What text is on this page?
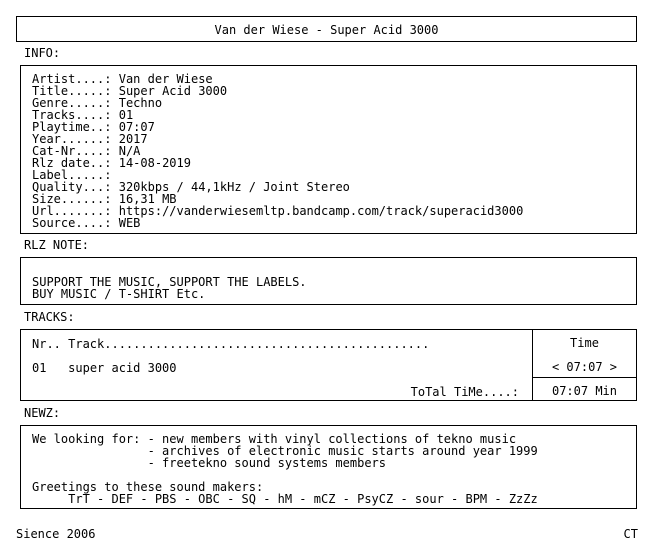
Van der Wiese - Super Acid 3000
INFO:
Artist....: Van der Wiese
Title.....: Super Acid 3000
Genre.....: Techno
Tracks....: 01
Playtime..: 07:07
Year......: 2017
Cat-Nr....: N/A
Rlz date..: 14-08-2019
Label.....:
Quality...: 320kbps / 44,1kHz / Joint Stereo
Size......: 16,31 MB
Url.......: https://vanderwiesemltp.bandcamp.com/track/superacid3000
Source....: WEB
RLZ NOTE:
SUPPORT THE MUSIC, SUPPORT THE LABELS.
BUY MUSIC / T-SHIRT Etc.
TRACKS:
Nr.. Track.............................................
01 super acid 3000
ToTal TiMe....:
Time
< 07:07 >
07:07 Min
NEWZ:
We looking for: - new members with vinyl collections of tekno music
- archives of electronic music starts around year 1999
- freetekno sound systems members
Greetings to these sound makers:
TrT - DEF - PBS - OBC - SQ - hM - mCZ - PsyCZ - sour - BPM - ZzZz
Sience 2006	CT
